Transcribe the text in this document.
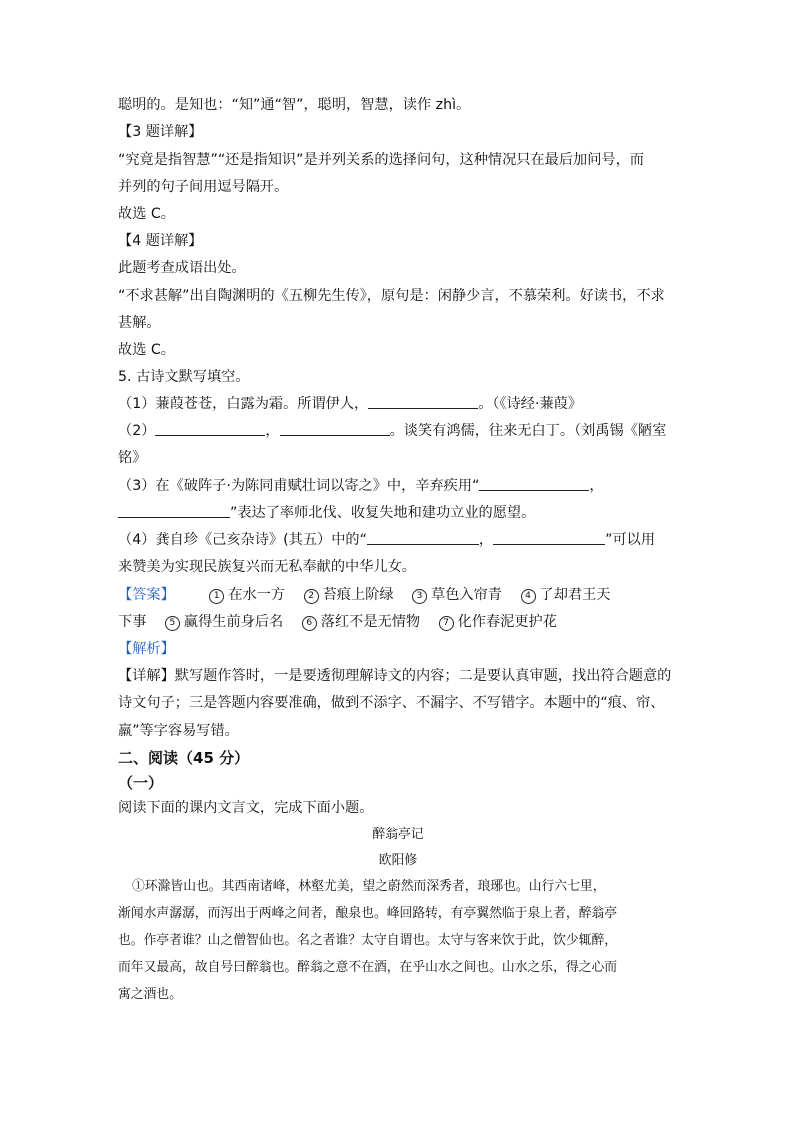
聪明的。是知也：“知”通“智”，聪明，智慧，读作 zhì。
【3 题详解】
“究竟是指智慧”“还是指知识”是并列关系的选择问句，这种情况只在最后加问号，而
并列的句子间用逗号隔开。
故选 C。
【4 题详解】
此题考查成语出处。
“不求甚解”出自陶渊明的《五柳先生传》，原句是：闲静少言，不慕荣利。好读书，不求
甚解。
故选 C。
5. 古诗文默写填空。
（1）蒹葭苍苍，白露为霜。所谓伊人，	。（《诗经·蒹葭》
（2）	，	。谈笑有鸿儒，往来无白丁。（刘禹锡《陋室
铭》
（3）在《破阵子·为陈同甫赋壮词以寄之》中，辛弃疾用“	，
”表达了率师北伐、收复失地和建功立业的愿望。
（4）龚自珍《己亥杂诗》(其五）中的“	，	”可以用
来赞美为实现民族复兴而无私奉献的中华儿女。
【答案】	1 在水一方	2 苔痕上阶绿	3 草色入帘青	4 了却君王天
下事	5 赢得生前身后名	6 落红不是无情物	7 化作春泥更护花
【解析】
【详解】默写题作答时，一是要透彻理解诗文的内容；二是要认真审题，找出符合题意的
诗文句子；三是答题内容要准确，做到不添字、不漏字、不写错字。本题中的“痕、帘、
羸”等字容易写错。
二、阅读（45 分）
（一）
阅读下面的课内文言文，完成下面小题。
醉翁亭记
欧阳修
①环滁皆山也。其西南诸峰，林壑尤美，望之蔚然而深秀者，琅琊也。山行六七里，
渐闻水声潺潺，而泻出于两峰之间者，酿泉也。峰回路转，有亭翼然临于泉上者，醉翁亭
也。作亭者谁？山之僧智仙也。名之者谁？太守自谓也。太守与客来饮于此，饮少辄醉，
而年又最高，故自号曰醉翁也。醉翁之意不在酒，在乎山水之间也。山水之乐，得之心而
寓之酒也。
